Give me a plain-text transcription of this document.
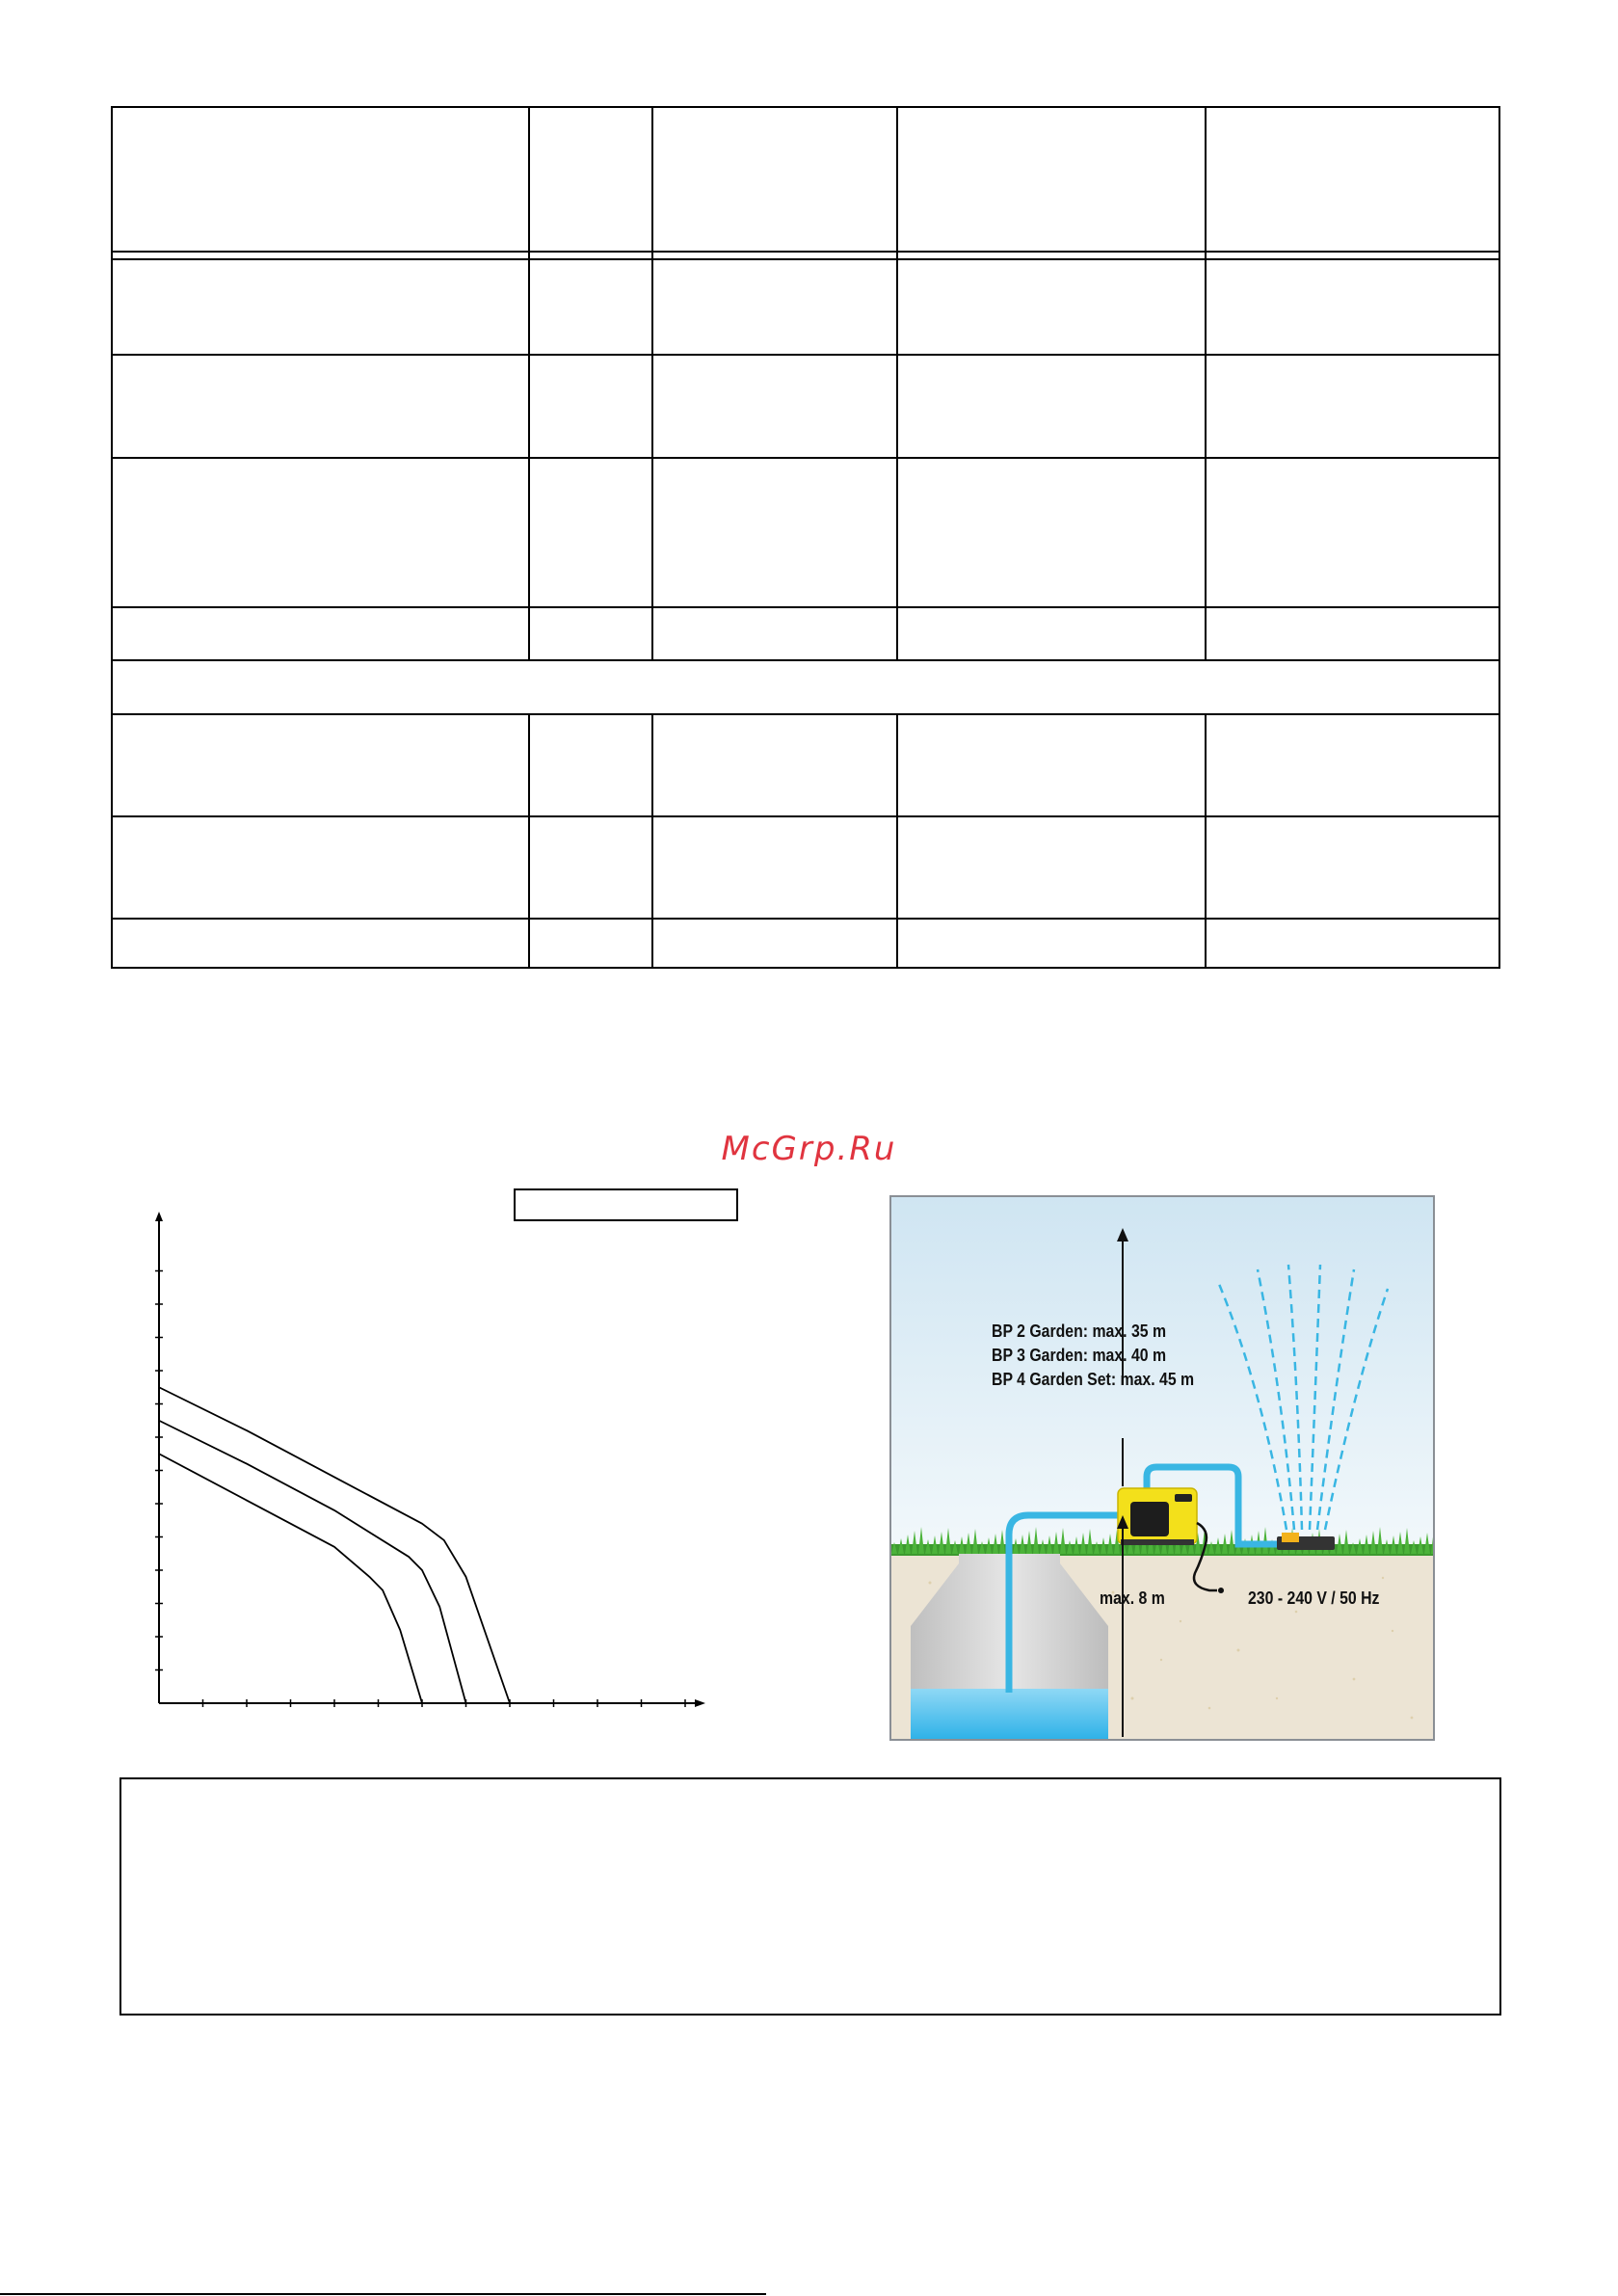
McGrp.Ru
BP 2 Garden: max. 35 m
BP 3 Garden: max. 40 m
BP 4 Garden Set: max. 45 m
max. 8 m	230 - 240 V / 50 Hz
